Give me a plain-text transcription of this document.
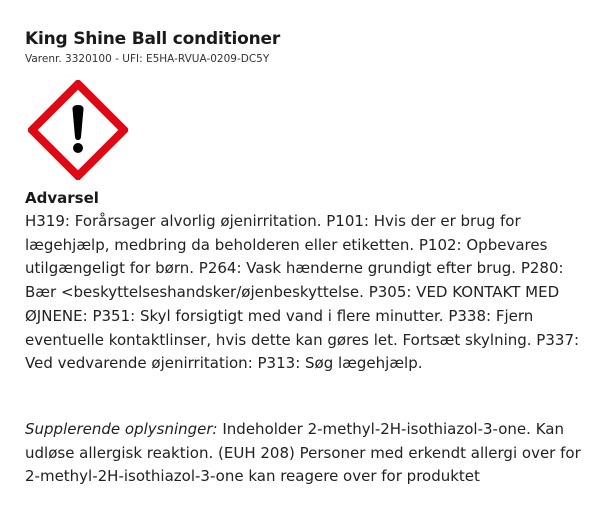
King Shine Ball conditioner
Varenr. 3320100 - UFI: E5HA-RVUA-0209-DC5Y
Advarsel
H319: Forårsager alvorlig øjenirritation. P101: Hvis der er brug for lægehjælp, medbring da beholderen eller etiketten. P102: Opbevares utilgængeligt for børn. P264: Vask hænderne grundigt efter brug. P280: Bær <beskyttelseshandsker/øjenbeskyttelse. P305: VED KONTAKT MED ØJNENE: P351: Skyl forsigtigt med vand i flere minutter. P338: Fjern eventuelle kontaktlinser, hvis dette kan gøres let. Fortsæt skylning. P337: Ved vedvarende øjenirritation: P313: Søg lægehjælp.
Supplerende oplysninger: Indeholder 2-methyl-2H-isothiazol-3-one. Kan udløse allergisk reaktion. (EUH 208) Personer med erkendt allergi over for 2-methyl-2H-isothiazol-3-one kan reagere over for produktet
